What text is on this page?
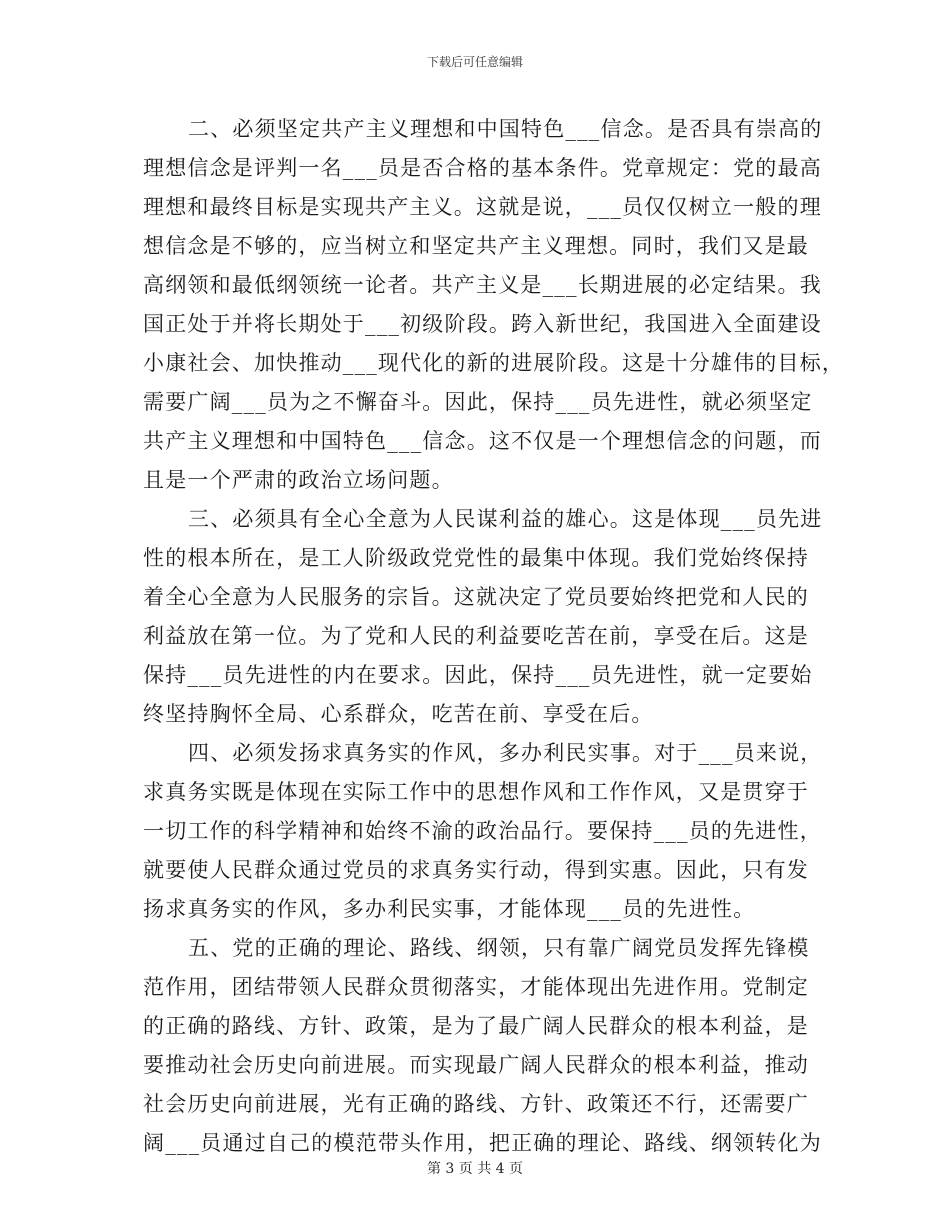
下载后可任意编辑
二、必须坚定共产主义理想和中国特色___信念。是否具有崇高的
理想信念是评判一名___员是否合格的基本条件。党章规定：党的最高
理想和最终目标是实现共产主义。这就是说，___员仅仅树立一般的理
想信念是不够的，应当树立和坚定共产主义理想。同时，我们又是最
高纲领和最低纲领统一论者。共产主义是___长期进展的必定结果。我
国正处于并将长期处于___初级阶段。跨入新世纪，我国进入全面建设
小康社会、加快推动___现代化的新的进展阶段。这是十分雄伟的目标，
需要广阔___员为之不懈奋斗。因此，保持___员先进性，就必须坚定
共产主义理想和中国特色___信念。这不仅是一个理想信念的问题，而
且是一个严肃的政治立场问题。
三、必须具有全心全意为人民谋利益的雄心。这是体现___员先进
性的根本所在，是工人阶级政党党性的最集中体现。我们党始终保持
着全心全意为人民服务的宗旨。这就决定了党员要始终把党和人民的
利益放在第一位。为了党和人民的利益要吃苦在前，享受在后。这是
保持___员先进性的内在要求。因此，保持___员先进性，就一定要始
终坚持胸怀全局、心系群众，吃苦在前、享受在后。
四、必须发扬求真务实的作风，多办利民实事。对于___员来说，
求真务实既是体现在实际工作中的思想作风和工作作风，又是贯穿于
一切工作的科学精神和始终不渝的政治品行。要保持___员的先进性，
就要使人民群众通过党员的求真务实行动，得到实惠。因此，只有发
扬求真务实的作风，多办利民实事，才能体现___员的先进性。
五、党的正确的理论、路线、纲领，只有靠广阔党员发挥先锋模
范作用，团结带领人民群众贯彻落实，才能体现出先进作用。党制定
的正确的路线、方针、政策，是为了最广阔人民群众的根本利益，是
要推动社会历史向前进展。而实现最广阔人民群众的根本利益，推动
社会历史向前进展，光有正确的路线、方针、政策还不行，还需要广
阔___员通过自己的模范带头作用，把正确的理论、路线、纲领转化为
第 3 页 共 4 页
